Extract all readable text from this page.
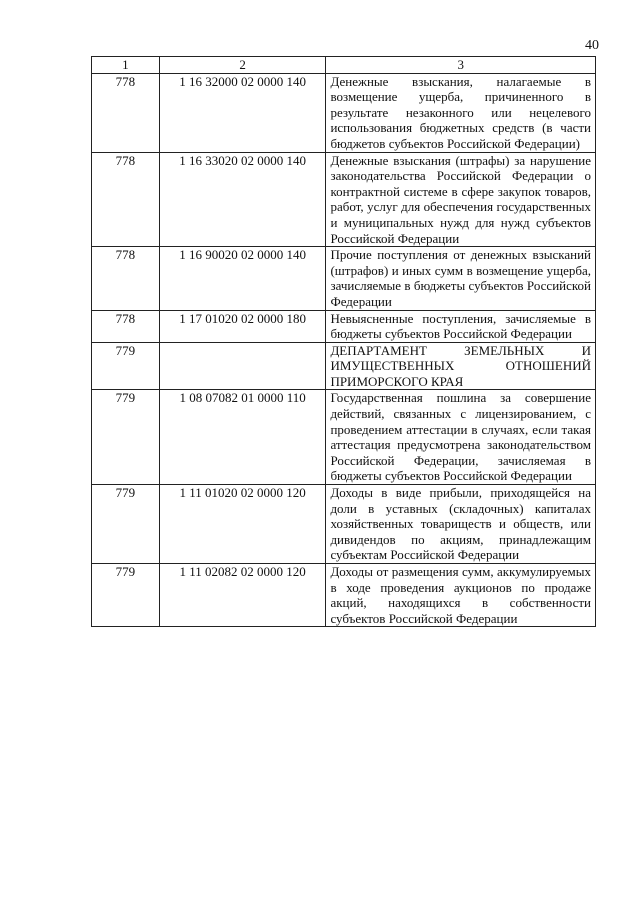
40
1	2	3
778	1 16 32000 02 0000 140	Денежные взыскания, налагаемые в возмещение ущерба, причиненного в результате незаконного или нецелевого использования бюджетных средств (в части бюджетов субъектов Российской Федерации)
778	1 16 33020 02 0000 140	Денежные взыскания (штрафы) за нарушение законодательства Российской Федерации о контрактной системе в сфере закупок товаров, работ, услуг для обеспечения государственных и муниципальных нужд для нужд субъектов Российской Федерации
778	1 16 90020 02 0000 140	Прочие поступления от денежных взысканий (штрафов) и иных сумм в возмещение ущерба, зачисляемые в бюджеты субъектов Российской Федерации
778	1 17 01020 02 0000 180	Невыясненные поступления, зачисляемые в бюджеты субъектов Российской Федерации
779		ДЕПАРТАМЕНТ ЗЕМЕЛЬНЫХ И ИМУЩЕСТВЕННЫХ ОТНОШЕНИЙ ПРИМОРСКОГО КРАЯ
779	1 08 07082 01 0000 110	Государственная пошлина за совершение действий, связанных с лицензированием, с проведением аттестации в случаях, если такая аттестация предусмотрена законодательством Российской Федерации, зачисляемая в бюджеты субъектов Российской Федерации
779	1 11 01020 02 0000 120	Доходы в виде прибыли, приходящейся на доли в уставных (складочных) капиталах хозяйственных товариществ и обществ, или дивидендов по акциям, принадлежащим субъектам Российской Федерации
779	1 11 02082 02 0000 120	Доходы от размещения сумм, аккумулируемых в ходе проведения аукционов по продаже акций, находящихся в собственности субъектов Российской Федерации
